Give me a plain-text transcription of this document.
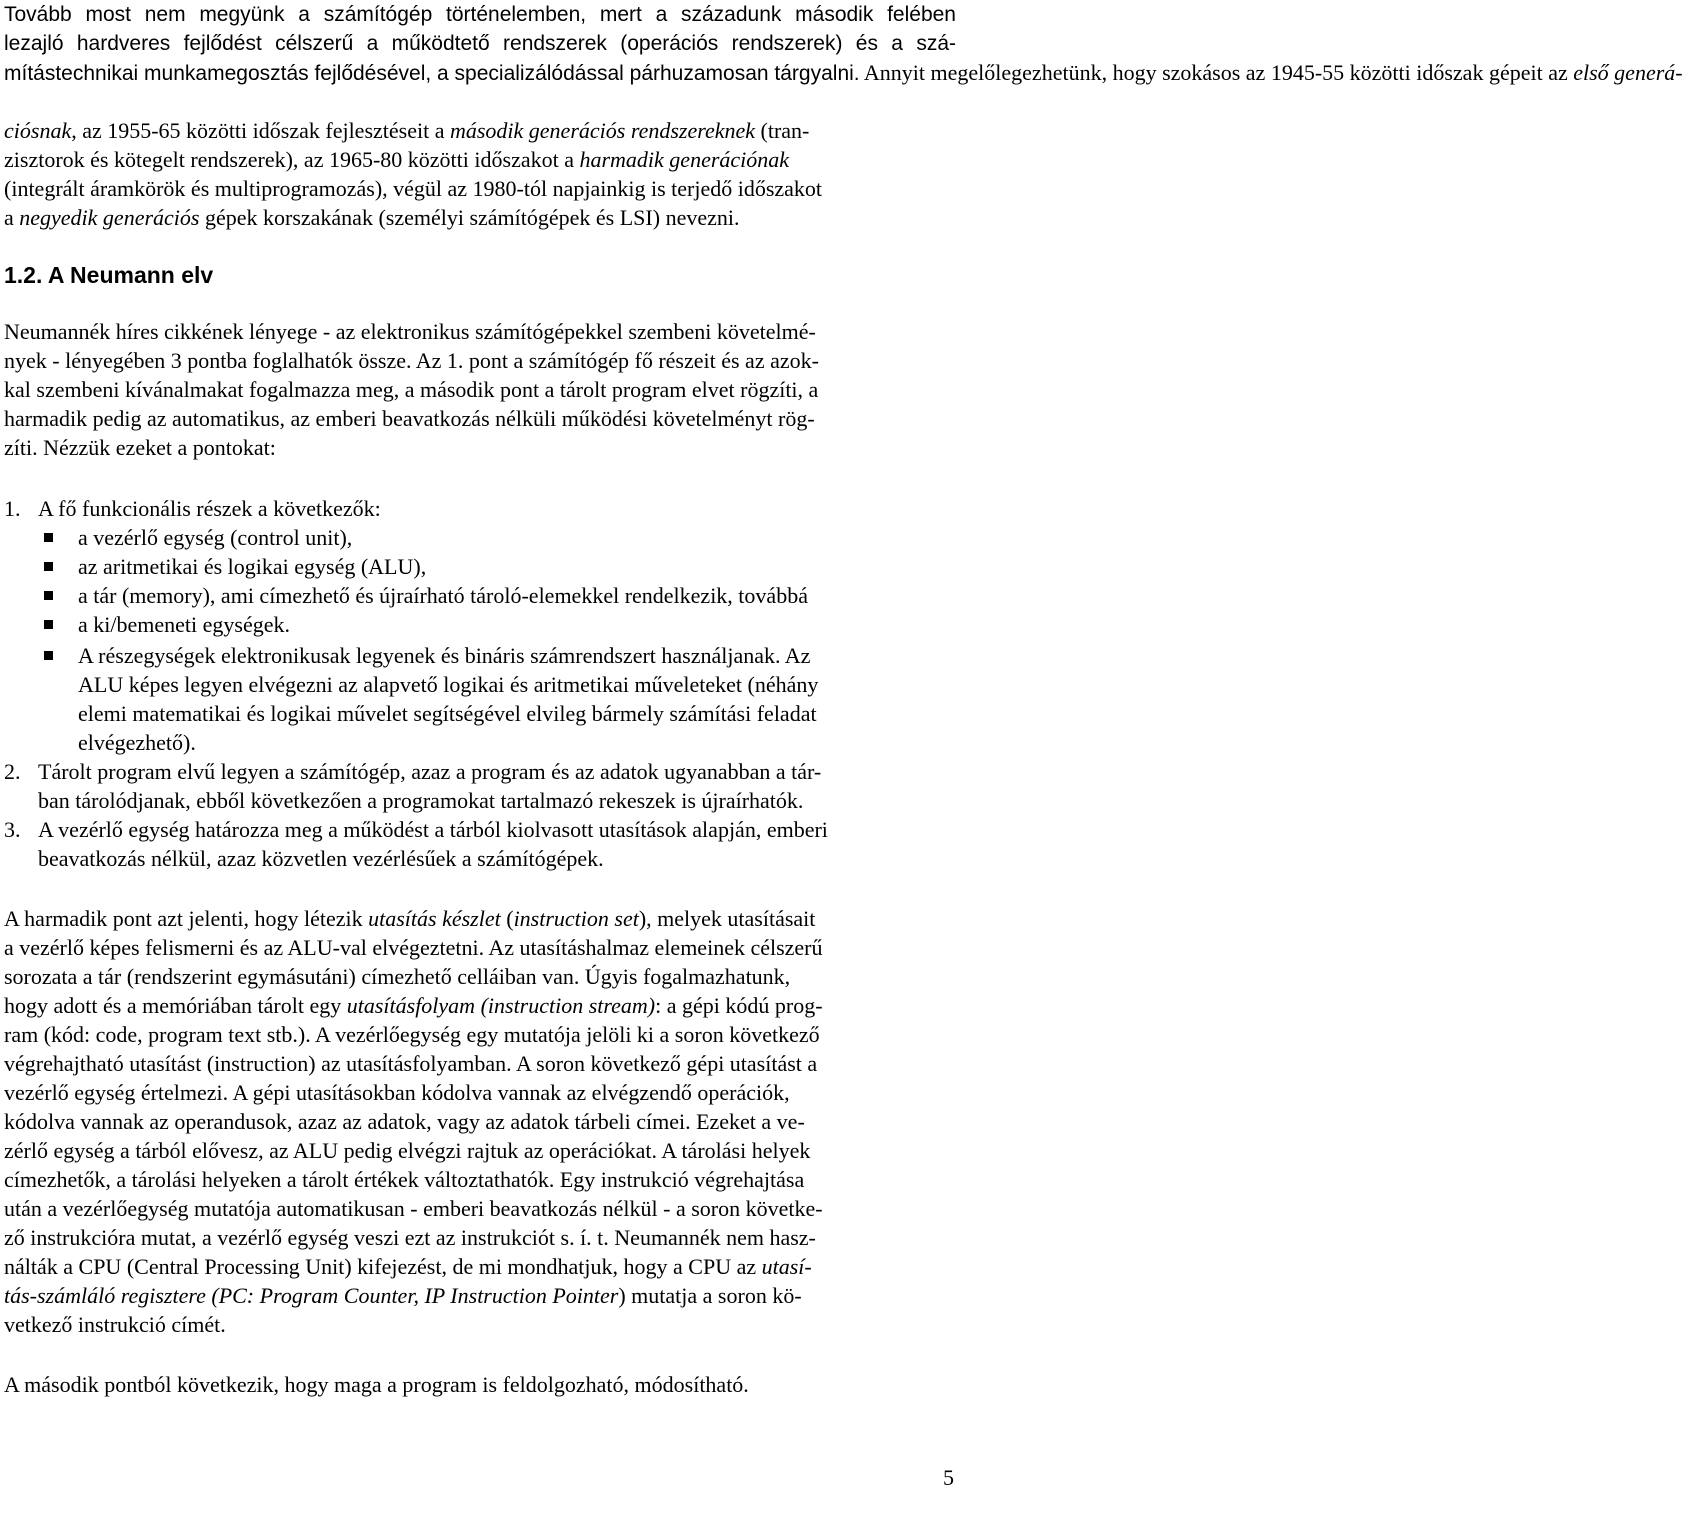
Tovább most nem megyünk a számítógép történelemben, mert a századunk második felében
lezajló hardveres fejlődést célszerű a működtető rendszerek (operációs rendszerek) és a szá-
mítástechnikai munkamegosztás fejlődésével, a specializálódással párhuzamosan tárgyalni. Annyit megelőlegezhetünk, hogy szokásos az 1945-55 közötti időszak gépeit az első generá-
ciósnak, az 1955-65 közötti időszak fejlesztéseit a második generációs rendszereknek (tran-
zisztorok és kötegelt rendszerek), az 1965-80 közötti időszakot a harmadik generációnak
(integrált áramkörök és multiprogramozás), végül az 1980-tól napjainkig is terjedő időszakot
a negyedik generációs gépek korszakának (személyi számítógépek és LSI) nevezni.
1.2. A Neumann elv
Neumannék híres cikkének lényege - az elektronikus számítógépekkel szembeni követelmé-
nyek - lényegében 3 pontba foglalhatók össze. Az 1. pont a számítógép fő részeit és az azok-
kal szembeni kívánalmakat fogalmazza meg, a második pont a tárolt program elvet rögzíti, a
harmadik pedig az automatikus, az emberi beavatkozás nélküli működési követelményt rög-
zíti. Nézzük ezeket a pontokat:
1. A fő funkcionális részek a következők:
a vezérlő egység (control unit),
az aritmetikai és logikai egység (ALU),
a tár (memory), ami címezhető és újraírható tároló-elemekkel rendelkezik, továbbá
a ki/bemeneti egységek.
A részegységek elektronikusak legyenek és bináris számrendszert használjanak. Az
ALU képes legyen elvégezni az alapvető logikai és aritmetikai műveleteket (néhány
elemi matematikai és logikai művelet segítségével elvileg bármely számítási feladat
elvégezhető).
2. Tárolt program elvű legyen a számítógép, azaz a program és az adatok ugyanabban a tár-
ban tárolódjanak, ebből következően a programokat tartalmazó rekeszek is újraírhatók.
3. A vezérlő egység határozza meg a működést a tárból kiolvasott utasítások alapján, emberi
beavatkozás nélkül, azaz közvetlen vezérlésűek a számítógépek.
A harmadik pont azt jelenti, hogy létezik utasítás készlet (instruction set), melyek utasításait
a vezérlő képes felismerni és az ALU-val elvégeztetni. Az utasításhalmaz elemeinek célszerű
sorozata a tár (rendszerint egymásutáni) címezhető celláiban van. Úgyis fogalmazhatunk,
hogy adott és a memóriában tárolt egy utasításfolyam (instruction stream): a gépi kódú prog-
ram (kód: code, program text stb.). A vezérlőegység egy mutatója jelöli ki a soron következő
végrehajtható utasítást (instruction) az utasításfolyamban. A soron következő gépi utasítást a
vezérlő egység értelmezi. A gépi utasításokban kódolva vannak az elvégzendő operációk,
kódolva vannak az operandusok, azaz az adatok, vagy az adatok tárbeli címei. Ezeket a ve-
zérlő egység a tárból elővesz, az ALU pedig elvégzi rajtuk az operációkat. A tárolási helyek
címezhetők, a tárolási helyeken a tárolt értékek változtathatók. Egy instrukció végrehajtása
után a vezérlőegység mutatója automatikusan - emberi beavatkozás nélkül - a soron követke-
ző instrukcióra mutat, a vezérlő egység veszi ezt az instrukciót s. í. t. Neumannék nem hasz-
nálták a CPU (Central Processing Unit) kifejezést, de mi mondhatjuk, hogy a CPU az utasí-
tás-számláló regisztere (PC: Program Counter, IP Instruction Pointer) mutatja a soron kö-
vetkező instrukció címét.
A második pontból következik, hogy maga a program is feldolgozható, módosítható.
5
